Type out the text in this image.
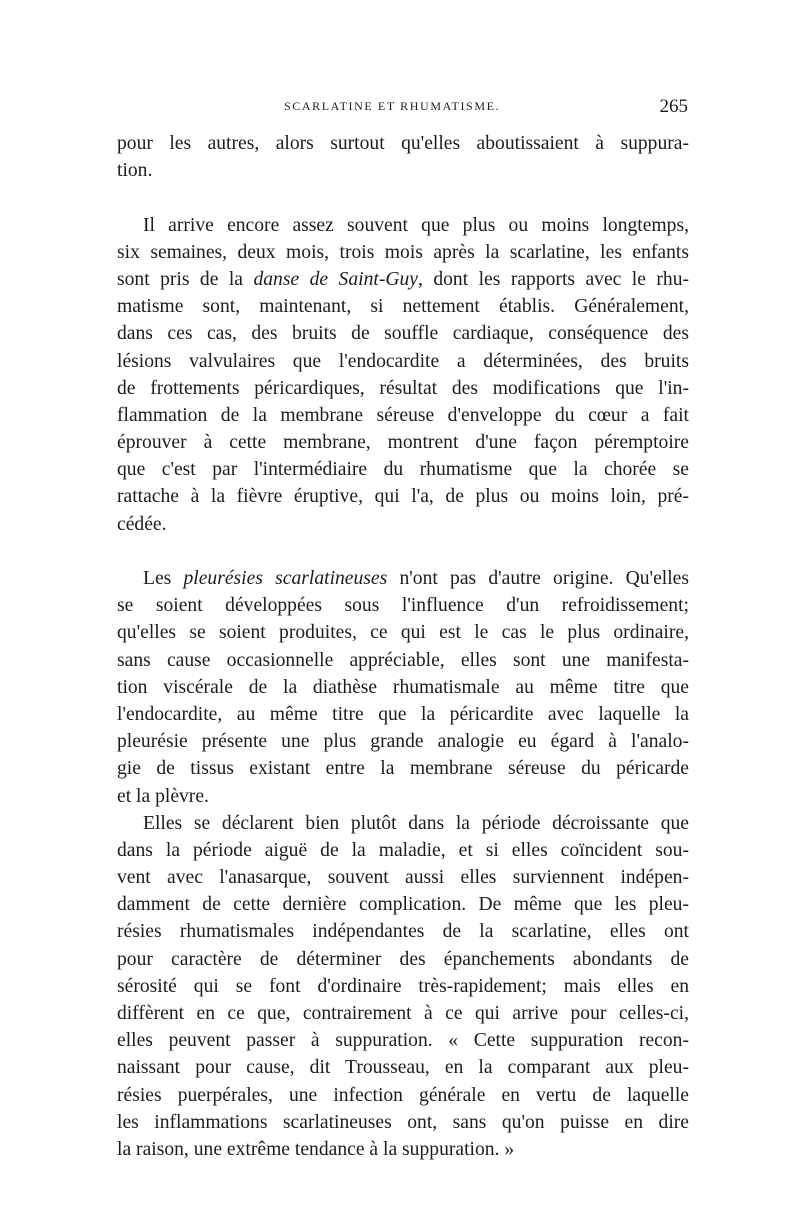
SCARLATINE ET RHUMATISME.	265
pour les autres, alors surtout qu'elles aboutissaient à suppura-
tion.
Il arrive encore assez souvent que plus ou moins longtemps,
six semaines, deux mois, trois mois après la scarlatine, les enfants
sont pris de la danse de Saint-Guy, dont les rapports avec le rhu-
matisme sont, maintenant, si nettement établis. Généralement,
dans ces cas, des bruits de souffle cardiaque, conséquence des
lésions valvulaires que l'endocardite a déterminées, des bruits
de frottements péricardiques, résultat des modifications que l'in-
flammation de la membrane séreuse d'enveloppe du cœur a fait
éprouver à cette membrane, montrent d'une façon péremptoire
que c'est par l'intermédiaire du rhumatisme que la chorée se
rattache à la fièvre éruptive, qui l'a, de plus ou moins loin, pré-
cédée.
Les pleurésies scarlatineuses n'ont pas d'autre origine. Qu'elles
se soient développées sous l'influence d'un refroidissement;
qu'elles se soient produites, ce qui est le cas le plus ordinaire,
sans cause occasionnelle appréciable, elles sont une manifesta-
tion viscérale de la diathèse rhumatismale au même titre que
l'endocardite, au même titre que la péricardite avec laquelle la
pleurésie présente une plus grande analogie eu égard à l'analo-
gie de tissus existant entre la membrane séreuse du péricarde
et la plèvre.
Elles se déclarent bien plutôt dans la période décroissante que
dans la période aiguë de la maladie, et si elles coïncident sou-
vent avec l'anasarque, souvent aussi elles surviennent indépen-
damment de cette dernière complication. De même que les pleu-
résies rhumatismales indépendantes de la scarlatine, elles ont
pour caractère de déterminer des épanchements abondants de
sérosité qui se font d'ordinaire très-rapidement; mais elles en
diffèrent en ce que, contrairement à ce qui arrive pour celles-ci,
elles peuvent passer à suppuration. « Cette suppuration recon-
naissant pour cause, dit Trousseau, en la comparant aux pleu-
résies puerpérales, une infection générale en vertu de laquelle
les inflammations scarlatineuses ont, sans qu'on puisse en dire
la raison, une extrême tendance à la suppuration. »
